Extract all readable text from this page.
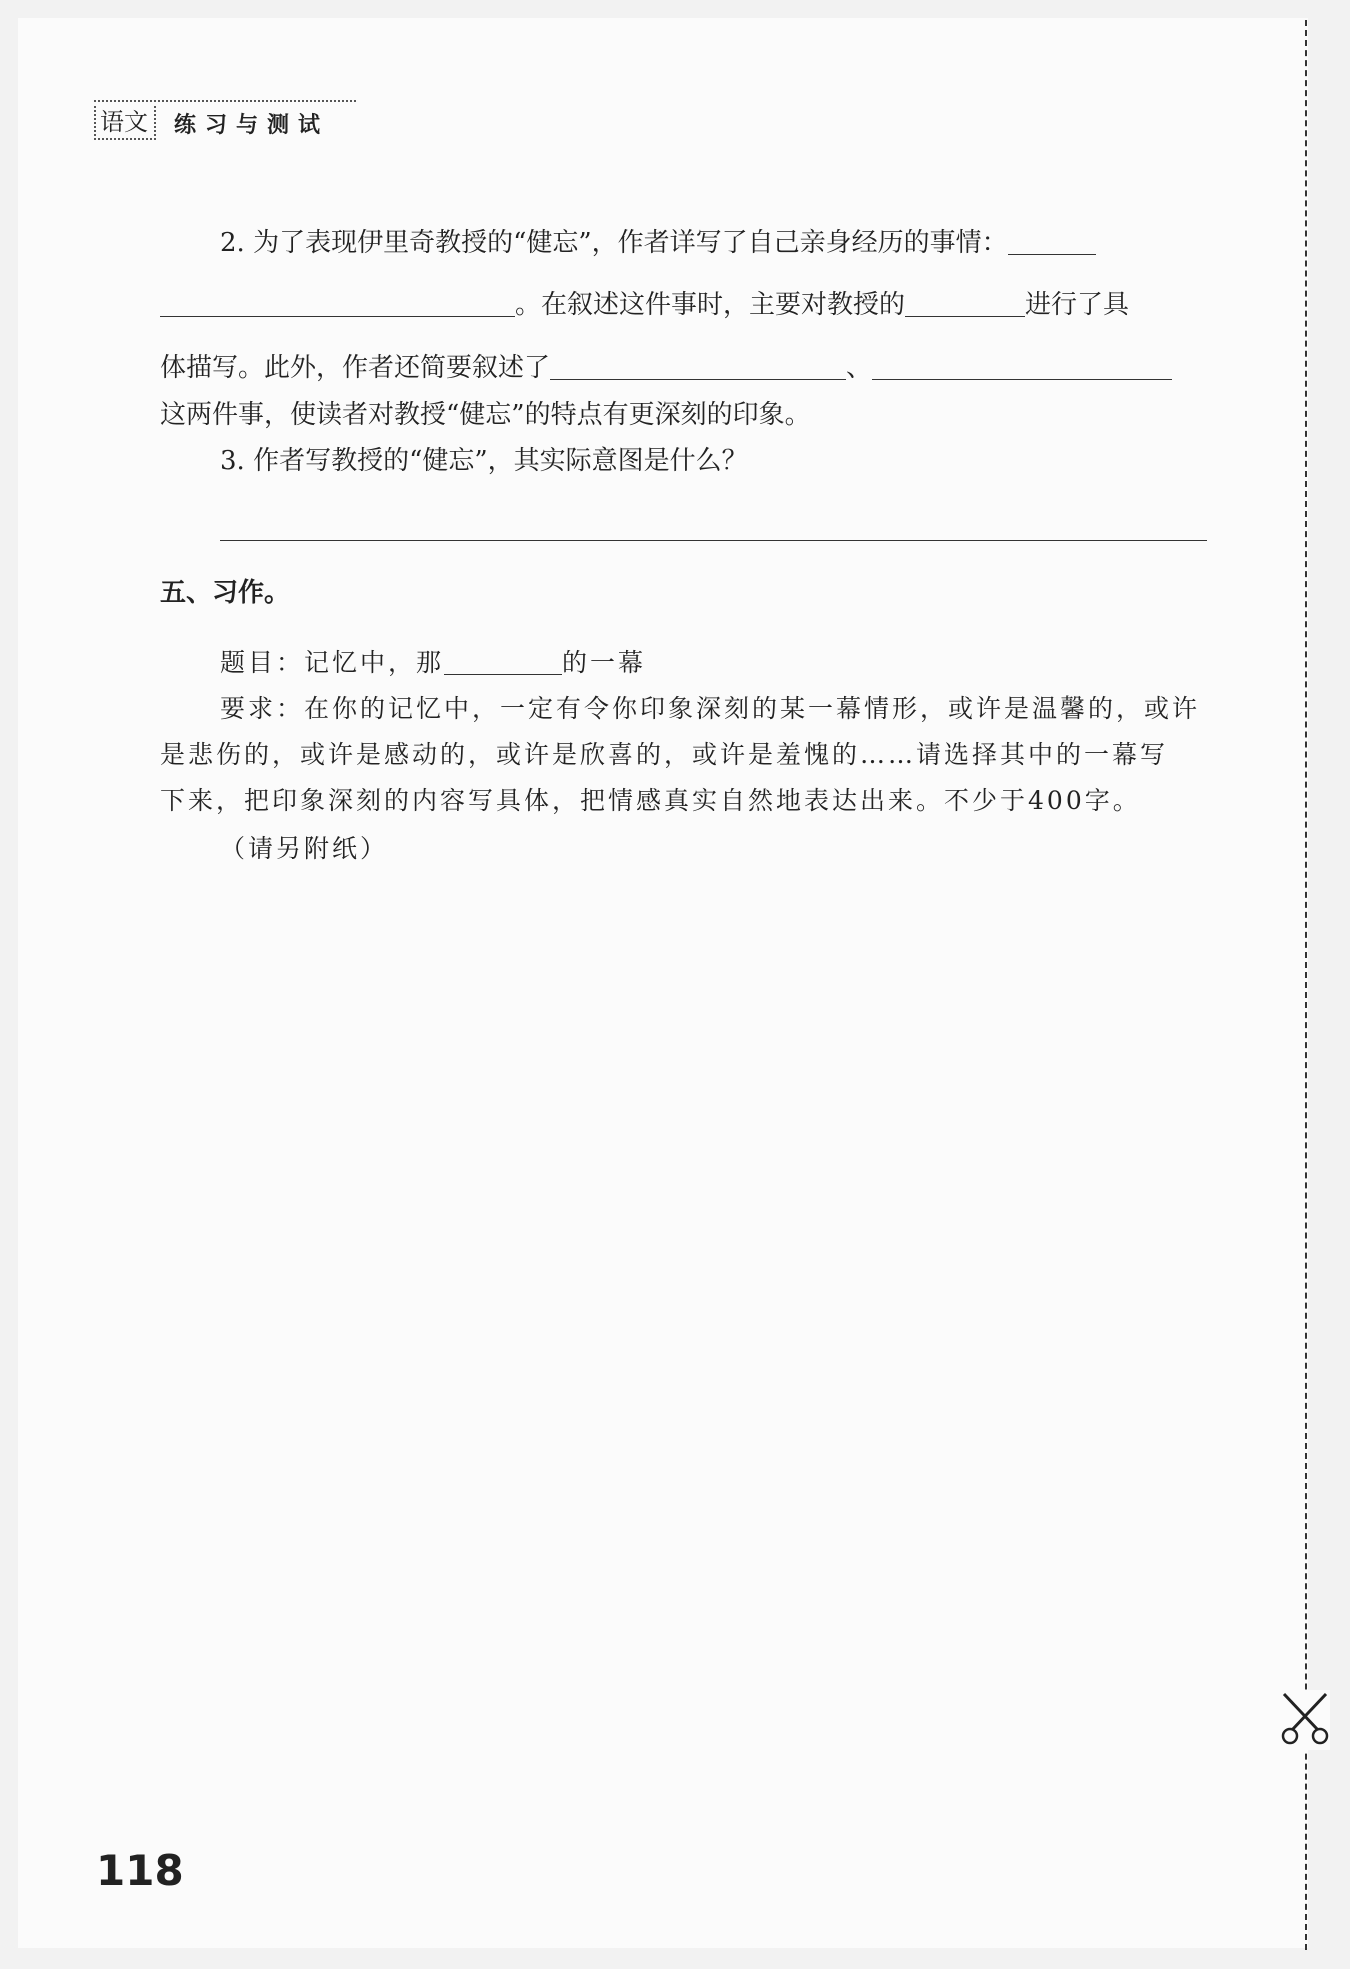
语文	练习与测试
2. 为了表现伊里奇教授的“健忘”，作者详写了自己亲身经历的事情：
。在叙述这件事时，主要对教授的	进行了具
体描写。此外，作者还简要叙述了	、
这两件事，使读者对教授“健忘”的特点有更深刻的印象。
3. 作者写教授的“健忘”，其实际意图是什么？
五、习作。
题目：记忆中，那	的一幕
要求：在你的记忆中，一定有令你印象深刻的某一幕情形，或许是温馨的，或许
是悲伤的，或许是感动的，或许是欣喜的，或许是羞愧的……请选择其中的一幕写
下来，把印象深刻的内容写具体，把情感真实自然地表达出来。不少于400字。
（请另附纸）
118
